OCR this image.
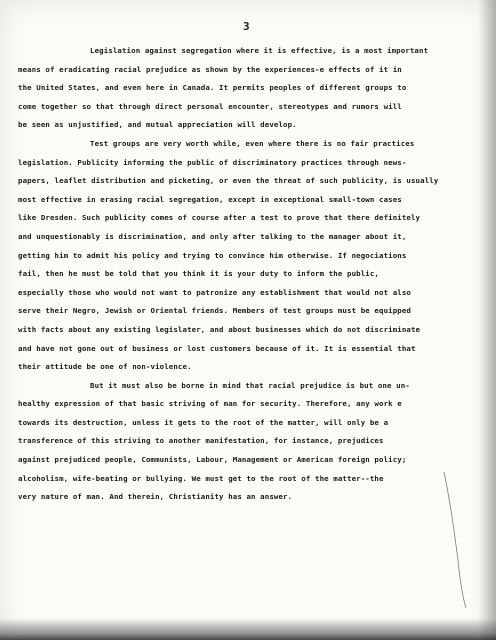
3
Legislation against segregation where it is effective, is a most important
means of eradicating racial prejudice as shown by the experiences-e effects of it in
the United States, and even here in Canada. It permits peoples of different groups to
come together so that through direct personal encounter, stereotypes and rumors will
be seen as unjustified, and mutual appreciation will develop.
Test groups are very worth while, even where there is no fair practices
legislation. Publicity informing the public of discriminatory practices through news-
papers, leaflet distribution and picketing, or even the threat of such publicity, is usually
most effective in erasing racial segregation, except in exceptional small-town cases
like Dresden. Such publicity comes of course after a test to prove that there definitely
and unquestionably is discrimination, and only after talking to the manager about it,
getting him to admit his policy and trying to convince him otherwise. If negociations
fail, then he must be told that you think it is your duty to inform the public,
especially those who would not want to patronize any establishment that would not also
serve their Negro, Jewish or Oriental friends. Members of test groups must be equipped
with facts about any existing legislater, and about businesses which do not discriminate
and have not gone out of business or lost customers because of it. It is essential that
their attitude be one of non-violence.
But it must also be borne in mind that racial prejudice is but one un-
healthy expression of that basic striving of man for security. Therefore, any work e
towards its destruction, unless it gets to the root of the matter, will only be a
transference of this striving to another manifestation, for instance, prejudices
against prejudiced people, Communists, Labour, Management or American foreign policy;
alcoholism, wife-beating or bullying. We must get to the root of the matter--the
very nature of man. And therein, Christianity has an answer.
